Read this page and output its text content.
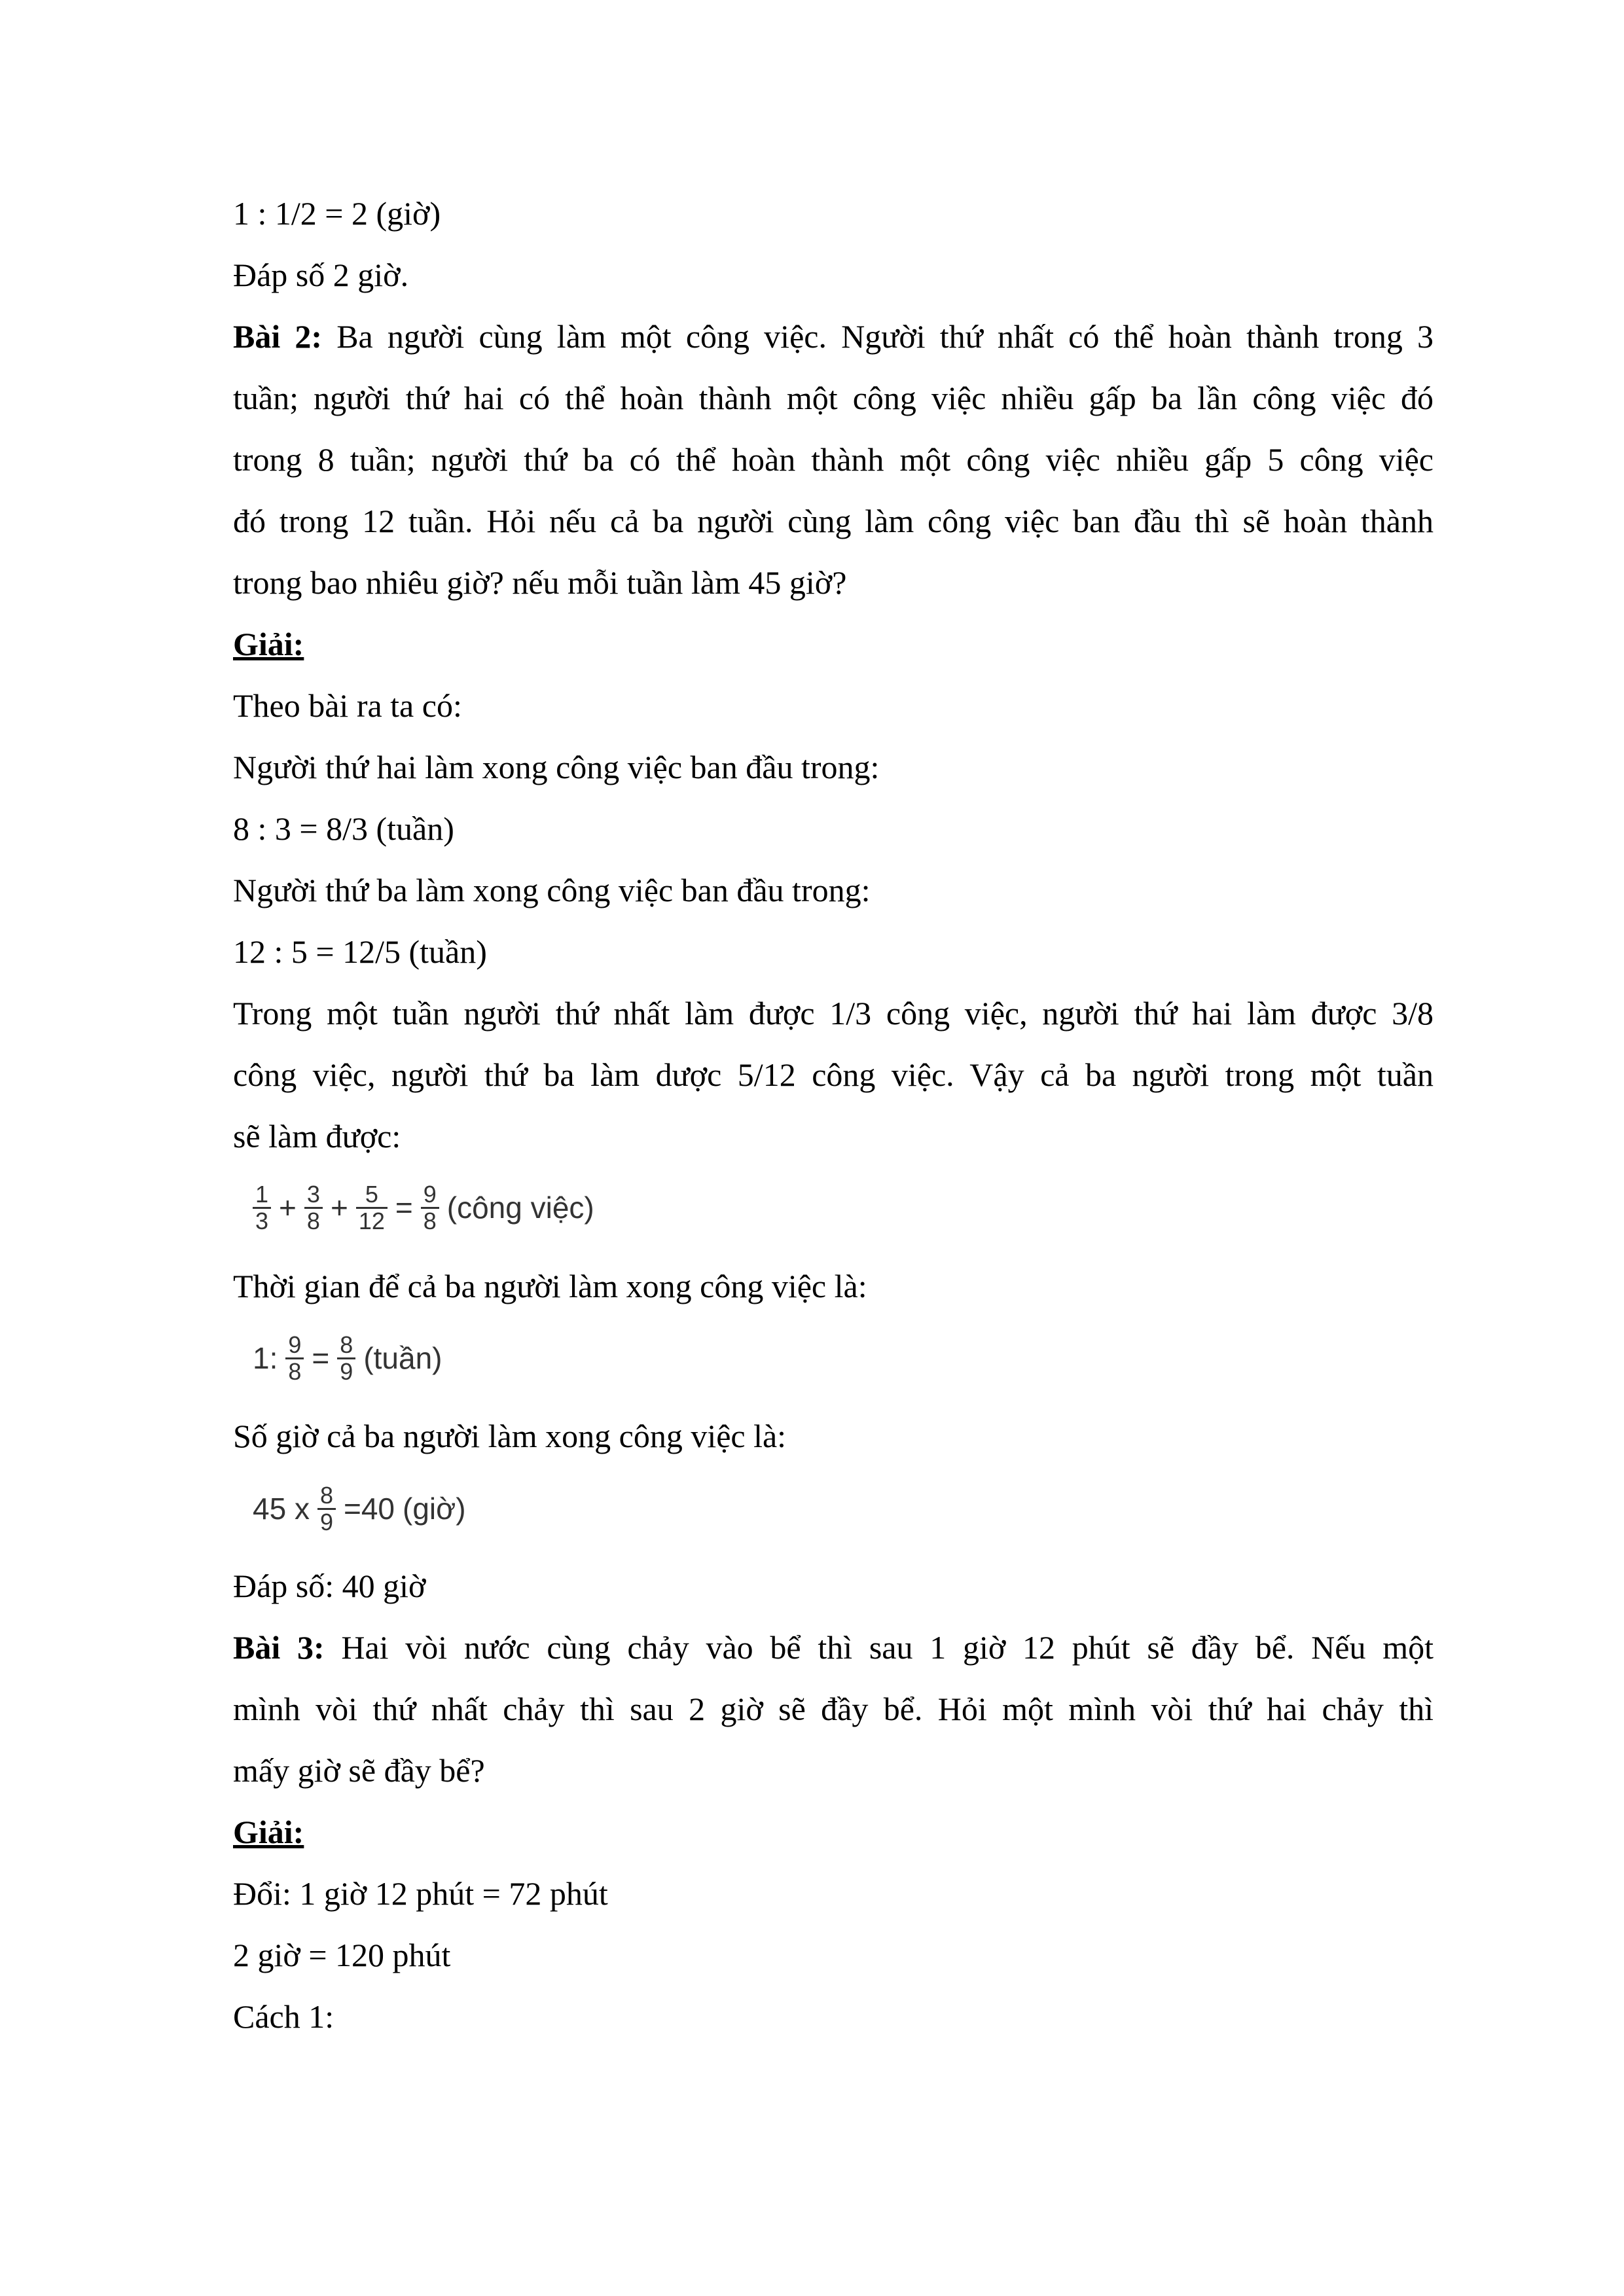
1 : 1/2 = 2 (giờ)
Đáp số 2 giờ.
Bài 2: Ba người cùng làm một công việc. Người thứ nhất có thể hoàn thành trong 3
tuần; người thứ hai có thể hoàn thành một công việc nhiều gấp ba lần công việc đó
trong 8 tuần; người thứ ba có thể hoàn thành một công việc nhiều gấp 5 công việc
đó trong 12 tuần. Hỏi nếu cả ba người cùng làm công việc ban đầu thì sẽ hoàn thành
trong bao nhiêu giờ? nếu mỗi tuần làm 45 giờ?
Giải:
Theo bài ra ta có:
Người thứ hai làm xong công việc ban đầu trong:
8 : 3 = 8/3 (tuần)
Người thứ ba làm xong công việc ban đầu trong:
12 : 5 = 12/5 (tuần)
Trong một tuần người thứ nhất làm được 1/3 công việc, người thứ hai làm được 3/8
công việc, người thứ ba làm dược 5/12 công việc. Vậy cả ba người trong một tuần
sẽ làm được:
$\frac{1}{3} + \frac{3}{8} + \frac{5}{12} = \frac{9}{8}$ (công việc)
Thời gian để cả ba người làm xong công việc là:
1: $\frac{9}{8} = \frac{8}{9}$ (tuần)
Số giờ cả ba người làm xong công việc là:
45 x $\frac{8}{9} =40$ (giờ)
Đáp số: 40 giờ
Bài 3: Hai vòi nước cùng chảy vào bể thì sau 1 giờ 12 phút sẽ đầy bể. Nếu một
mình vòi thứ nhất chảy thì sau 2 giờ sẽ đầy bể. Hỏi một mình vòi thứ hai chảy thì
mấy giờ sẽ đầy bể?
Giải:
Đổi: 1 giờ 12 phút = 72 phút
2 giờ = 120 phút
Cách 1:
